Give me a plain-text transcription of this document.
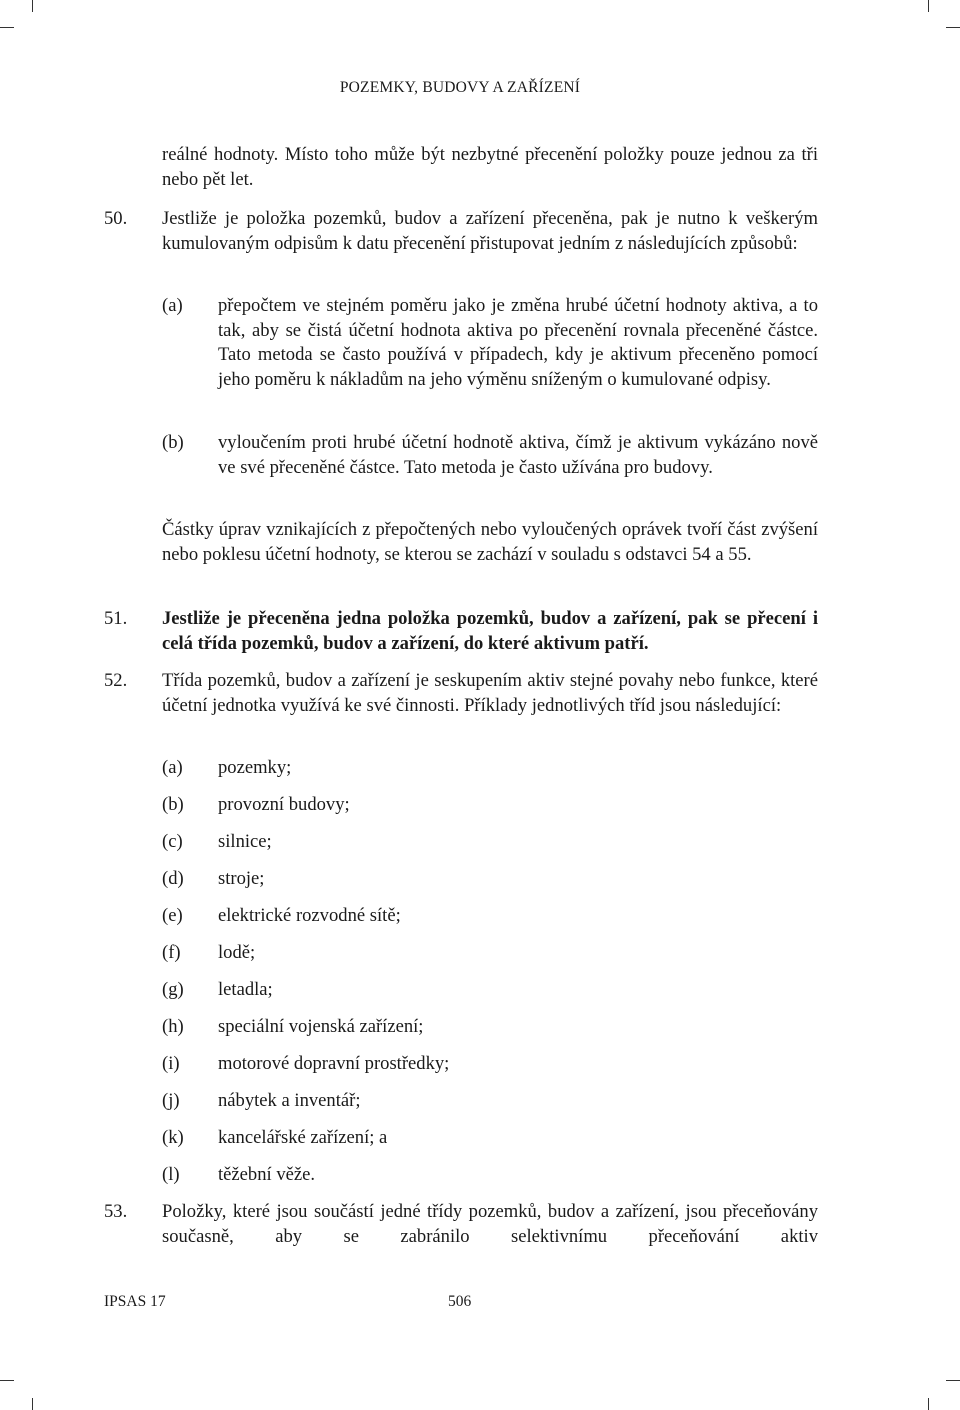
POZEMKY, BUDOVY A ZAŘÍZENÍ

reálné hodnoty. Místo toho může být nezbytné přecenění položky pouze jednou za tři nebo pět let.

50. Jestliže je položka pozemků, budov a zařízení přeceněna, pak je nutno k veškerým kumulovaným odpisům k datu přecenění přistupovat jedním z následujících způsobů:

(a) přepočtem ve stejném poměru jako je změna hrubé účetní hodnoty aktiva, a to tak, aby se čistá účetní hodnota aktiva po přecenění rovnala přeceněné částce. Tato metoda se často používá v případech, kdy je aktivum přeceněno pomocí jeho poměru k nákladům na jeho výměnu sníženým o kumulované odpisy.

(b) vyloučením proti hrubé účetní hodnotě aktiva, čímž je aktivum vykázáno nově ve své přeceněné částce. Tato metoda je často užívána pro budovy.

Částky úprav vznikajících z přepočtených nebo vyloučených oprávek tvoří část zvýšení nebo poklesu účetní hodnoty, se kterou se zachází v souladu s odstavci 54 a 55.

51. Jestliže je přeceněna jedna položka pozemků, budov a zařízení, pak se přecení i celá třída pozemků, budov a zařízení, do které aktivum patří.

52. Třída pozemků, budov a zařízení je seskupením aktiv stejné povahy nebo funkce, které účetní jednotka využívá ke své činnosti. Příklady jednotlivých tříd jsou následující:

(a) pozemky;
(b) provozní budovy;
(c) silnice;
(d) stroje;
(e) elektrické rozvodné sítě;
(f) lodě;
(g) letadla;
(h) speciální vojenská zařízení;
(i) motorové dopravní prostředky;
(j) nábytek a inventář;
(k) kancelářské zařízení; a
(l) těžební věže.
53. Položky, které jsou součástí jedné třídy pozemků, budov a zařízení, jsou přeceňovány současně, aby se zabránilo selektivnímu přeceňování aktiv

IPSAS 17	506
